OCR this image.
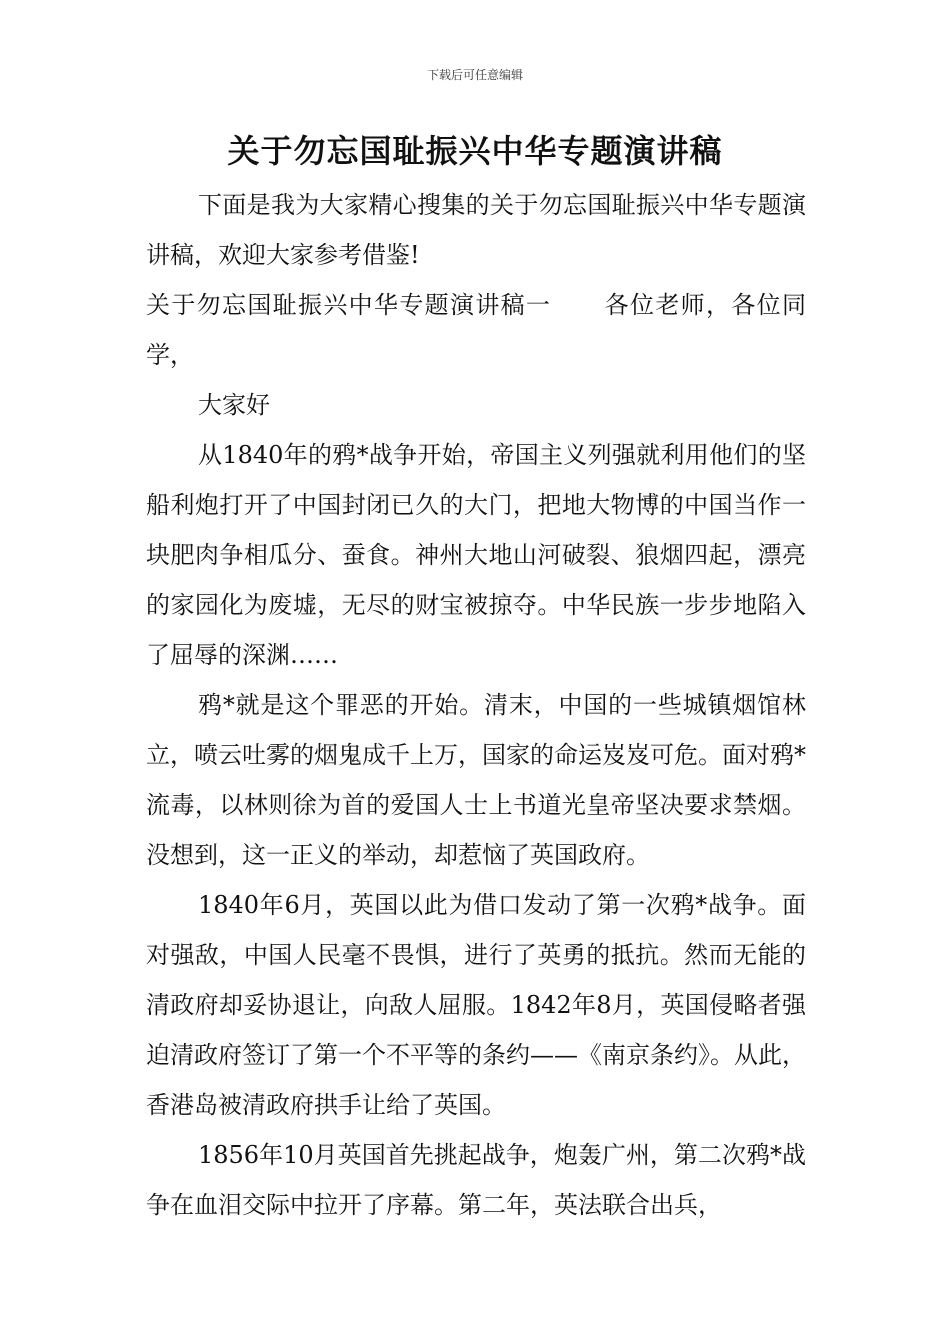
下载后可任意编辑
关于勿忘国耻振兴中华专题演讲稿

下面是我为大家精心搜集的关于勿忘国耻振兴中华专题演讲稿，欢迎大家参考借鉴!

关于勿忘国耻振兴中华专题演讲稿一 各位老师，各位同学，

大家好

从1840年的鸦*战争开始，帝国主义列强就利用他们的坚船利炮打开了中国封闭已久的大门，把地大物博的中国当作一块肥肉争相瓜分、蚕食。神州大地山河破裂、狼烟四起，漂亮的家园化为废墟，无尽的财宝被掠夺。中华民族一步步地陷入了屈辱的深渊……

鸦*就是这个罪恶的开始。清末，中国的一些城镇烟馆林立，喷云吐雾的烟鬼成千上万，国家的命运岌岌可危。面对鸦*流毒，以林则徐为首的爱国人士上书道光皇帝坚决要求禁烟。没想到，这一正义的举动，却惹恼了英国政府。

1840年6月，英国以此为借口发动了第一次鸦*战争。面对强敌，中国人民毫不畏惧，进行了英勇的抵抗。然而无能的清政府却妥协退让，向敌人屈服。1842年8月，英国侵略者强迫清政府签订了第一个不平等的条约——《南京条约》。从此，香港岛被清政府拱手让给了英国。

1856年10月英国首先挑起战争，炮轰广州，第二次鸦*战争在血泪交际中拉开了序幕。第二年，英法联合出兵，
